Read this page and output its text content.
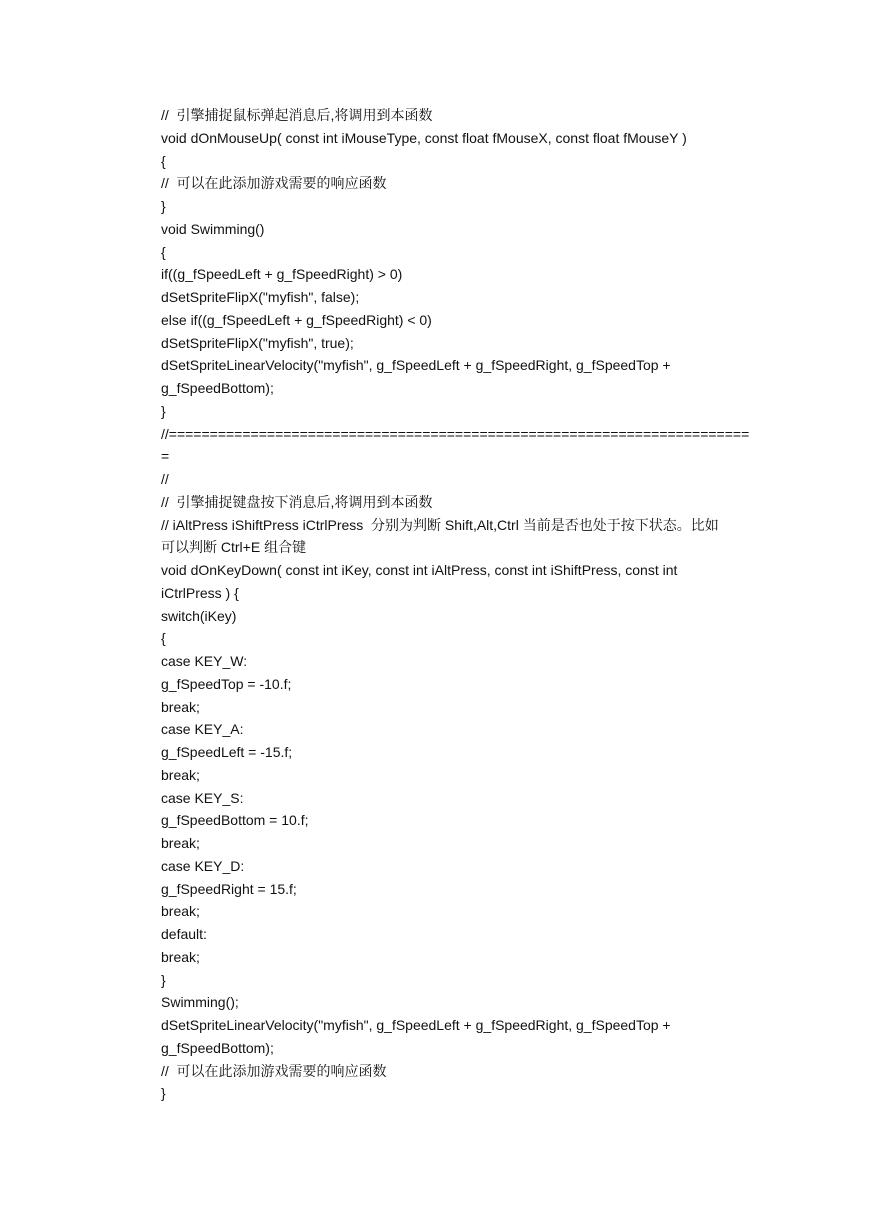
//  引擎捕捉鼠标弹起消息后,将调用到本函数
void dOnMouseUp( const int iMouseType, const float fMouseX, const float fMouseY )
{
//  可以在此添加游戏需要的响应函数
}
void Swimming()
{
if((g_fSpeedLeft + g_fSpeedRight) > 0)
dSetSpriteFlipX("myfish", false);
else if((g_fSpeedLeft + g_fSpeedRight) < 0)
dSetSpriteFlipX("myfish", true);
dSetSpriteLinearVelocity("myfish", g_fSpeedLeft + g_fSpeedRight, g_fSpeedTop +
g_fSpeedBottom);
}
//=======================================================================
=
//
//  引擎捕捉键盘按下消息后,将调用到本函数
// iAltPress iShiftPress iCtrlPress  分别为判断 Shift,Alt,Ctrl 当前是否也处于按下状态。比如
可以判断 Ctrl+E 组合键
void dOnKeyDown( const int iKey, const int iAltPress, const int iShiftPress, const int
iCtrlPress ) {
switch(iKey)
{
case KEY_W:
g_fSpeedTop = -10.f;
break;
case KEY_A:
g_fSpeedLeft = -15.f;
break;
case KEY_S:
g_fSpeedBottom = 10.f;
break;
case KEY_D:
g_fSpeedRight = 15.f;
break;
default:
break;
}
Swimming();
dSetSpriteLinearVelocity("myfish", g_fSpeedLeft + g_fSpeedRight, g_fSpeedTop +
g_fSpeedBottom);
//  可以在此添加游戏需要的响应函数
}
